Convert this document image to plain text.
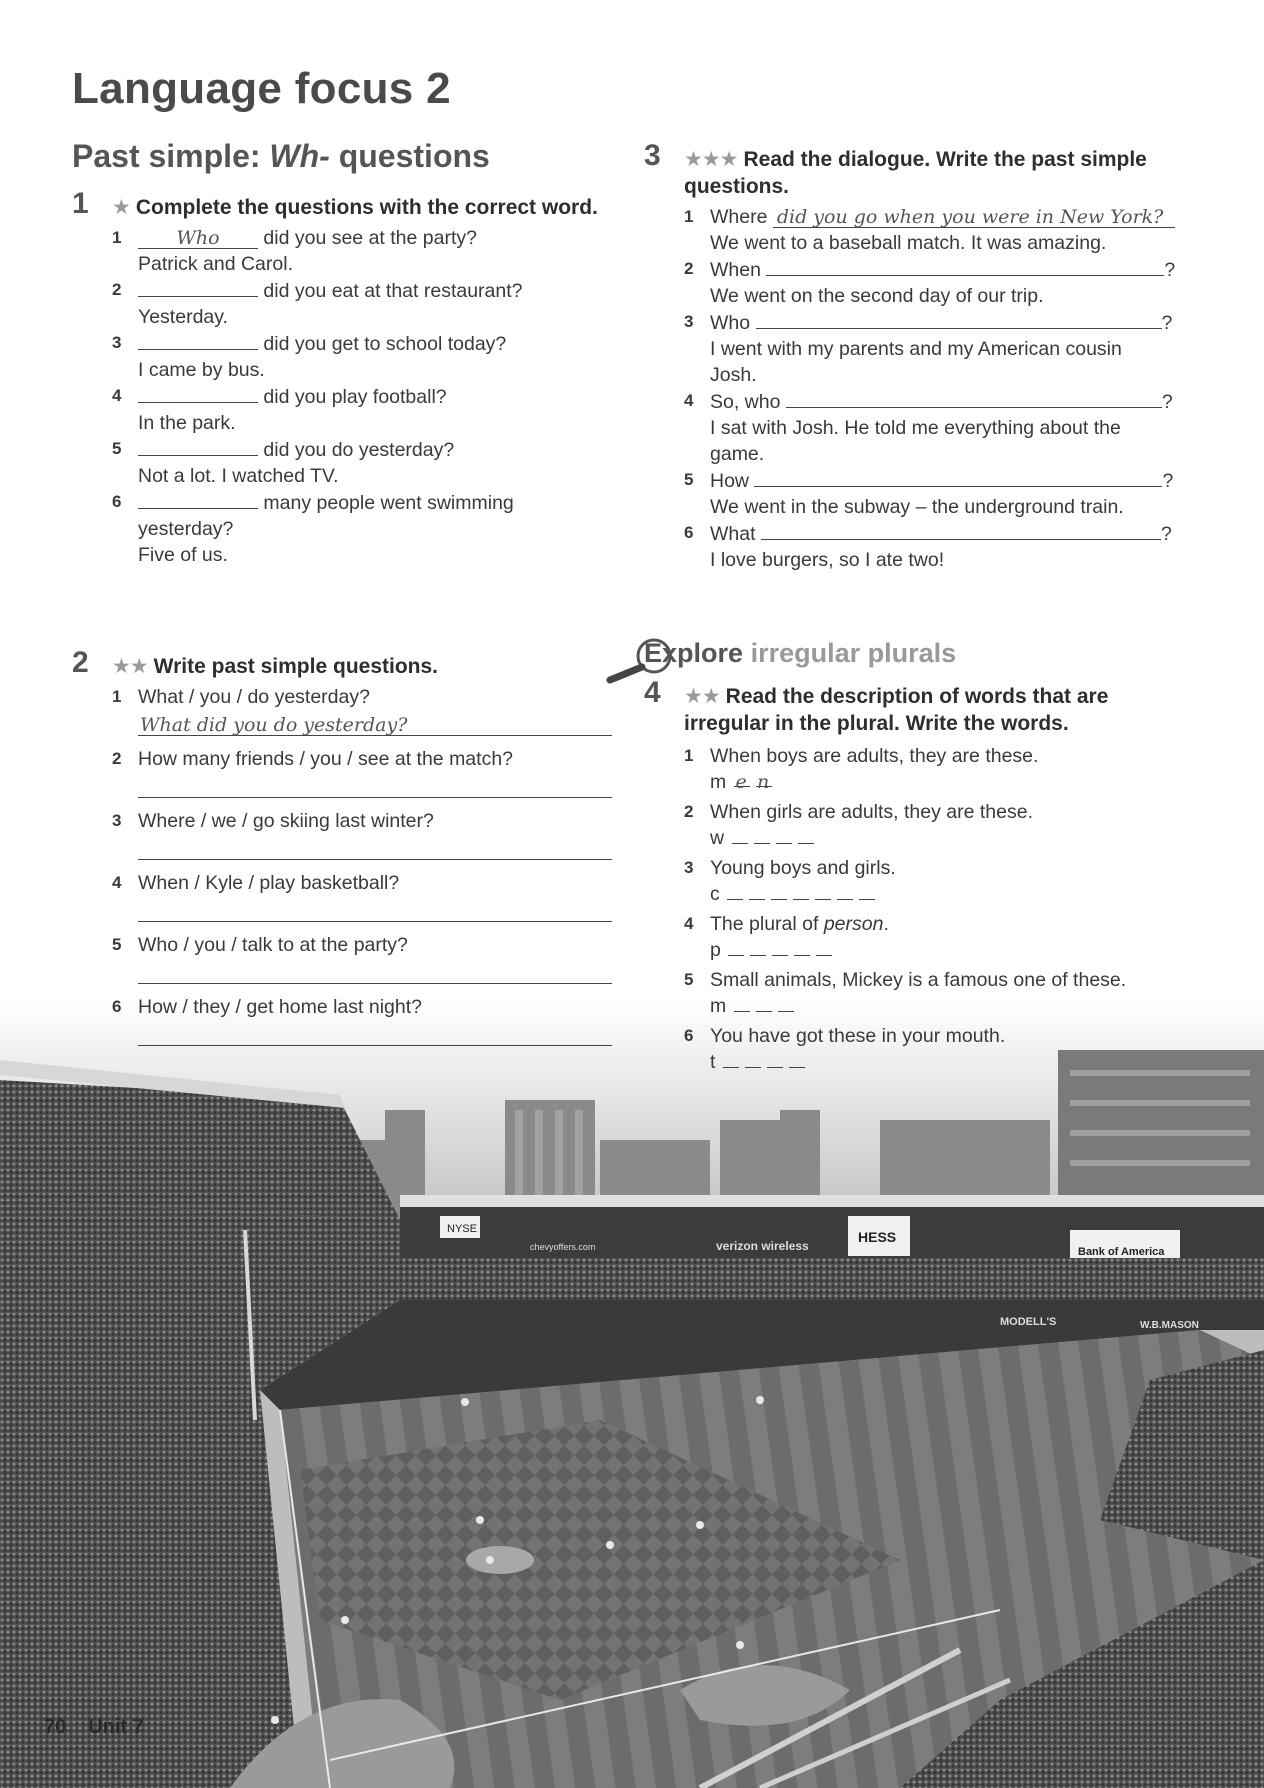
NYSE	HESS
Bank of America
chevyoffers.com	verizon wireless
MODELL'S	W.B.MASON
Language focus 2
Past simple: Wh- questions
1 ★ Complete the questions with the correct word.
1	Who did you see at the party?
Patrick and Carol.
2	did you eat at that restaurant?
Yesterday.
3	did you get to school today?
I came by bus.
4	did you play football?
In the park.
5	did you do yesterday?
Not a lot. I watched TV.
6	many people went swimming yesterday?
Five of us.
2 ★★ Write past simple questions.
1 What / you / do yesterday?
What did you do yesterday?
2 How many friends / you / see at the match?
3 Where / we / go skiing last winter?
4 When / Kyle / play basketball?
5 Who / you / talk to at the party?
6 How / they / get home last night?
3 ★★★ Read the dialogue. Write the past simple questions.
1 Where did you go when you were in New York?
We went to a baseball match. It was amazing.
2 When	?
We went on the second day of our trip.
3 Who	?
I went with my parents and my American cousin Josh.
4 So, who	?
I sat with Josh. He told me everything about the game.
5 How	?
We went in the subway – the underground train.
6 What	?
I love burgers, so I ate two!
Explore irregular plurals
4 ★★ Read the description of words that are irregular in the plural. Write the words.
1 When boys are adults, they are these.
m e n
2 When girls are adults, they are these.
w
3 Young boys and girls.
c
4 The plural of person.
p
5 Small animals, Mickey is a famous one of these.
m
6 You have got these in your mouth.
t
70 Unit 7
